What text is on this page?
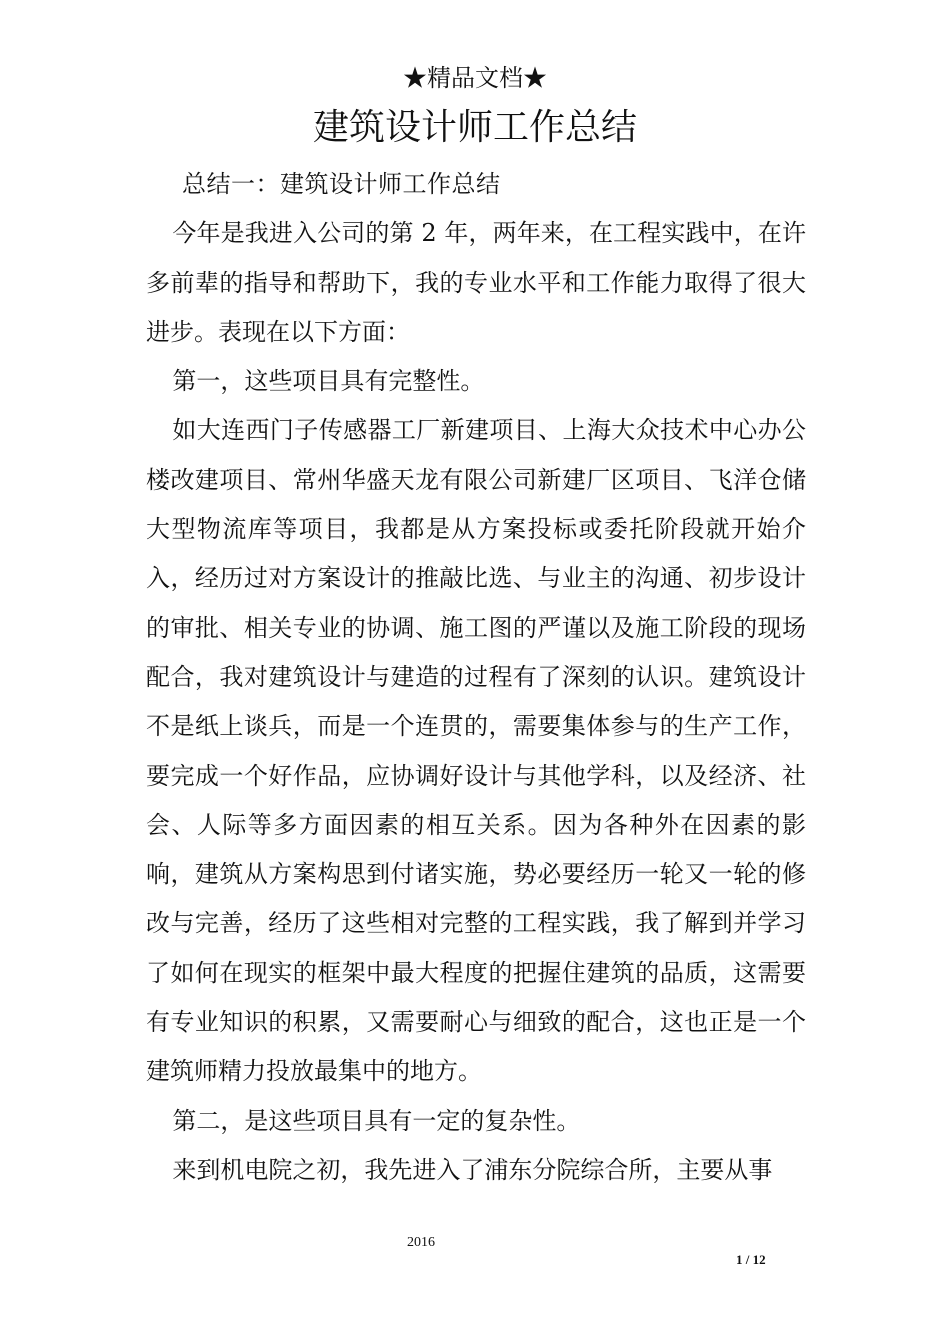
★精品文档★
建筑设计师工作总结

总结一：建筑设计师工作总结

今年是我进入公司的第 2 年，两年来，在工程实践中，在许多前辈的指导和帮助下，我的专业水平和工作能力取得了很大进步。表现在以下方面：

第一，这些项目具有完整性。

如大连西门子传感器工厂新建项目、上海大众技术中心办公楼改建项目、常州华盛天龙有限公司新建厂区项目、飞洋仓储大型物流库等项目，我都是从方案投标或委托阶段就开始介入，经历过对方案设计的推敲比选、与业主的沟通、初步设计的审批、相关专业的协调、施工图的严谨以及施工阶段的现场配合，我对建筑设计与建造的过程有了深刻的认识。建筑设计不是纸上谈兵，而是一个连贯的，需要集体参与的生产工作，要完成一个好作品，应协调好设计与其他学科，以及经济、社会、人际等多方面因素的相互关系。因为各种外在因素的影响，建筑从方案构思到付诸实施，势必要经历一轮又一轮的修改与完善，经历了这些相对完整的工程实践，我了解到并学习了如何在现实的框架中最大程度的把握住建筑的品质，这需要有专业知识的积累，又需要耐心与细致的配合，这也正是一个建筑师精力投放最集中的地方。

第二，是这些项目具有一定的复杂性。

来到机电院之初，我先进入了浦东分院综合所，主要从事

2016
1 / 12
